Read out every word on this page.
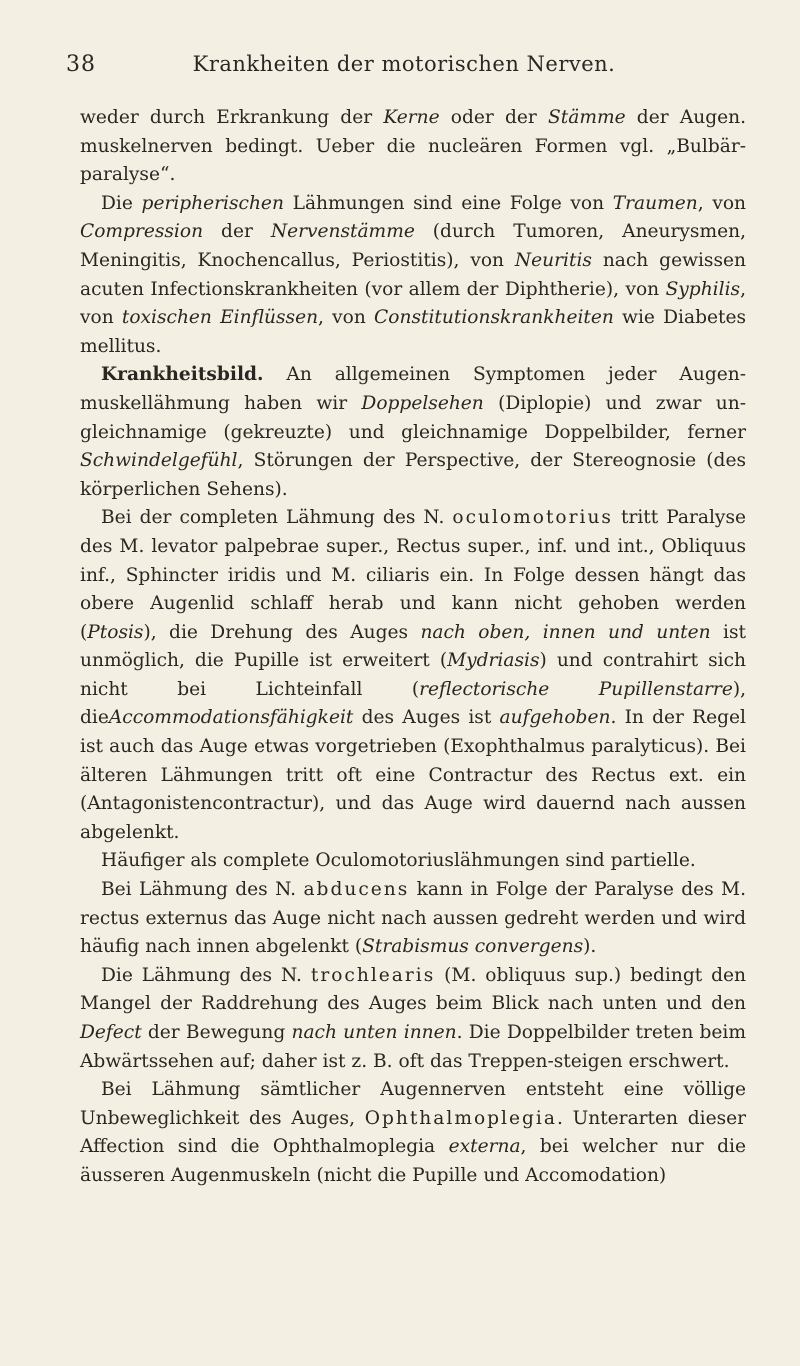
38	Krankheiten der motorischen Nerven.

weder durch Erkrankung der Kerne oder der Stämme der Augen. muskelnerven bedingt. Ueber die nucleären Formen vgl. „Bulbär-paralyse“.

Die peripherischen Lähmungen sind eine Folge von Traumen, von Compression der Nervenstämme (durch Tumoren, Aneurysmen, Meningitis, Knochencallus, Periostitis), von Neuritis nach gewissen acuten Infectionskrankheiten (vor allem der Diphtherie), von Syphilis, von toxischen Einflüssen, von Constitutionskrankheiten wie Diabetes mellitus.

Krankheitsbild. An allgemeinen Symptomen jeder Augen-muskellähmung haben wir Doppelsehen (Diplopie) und zwar un-gleichnamige (gekreuzte) und gleichnamige Doppelbilder, ferner Schwindelgefühl, Störungen der Perspective, der Stereognosie (des körperlichen Sehens).

Bei der completen Lähmung des N. oculomotorius tritt Paralyse des M. levator palpebrae super., Rectus super., inf. und int., Obliquus inf., Sphincter iridis und M. ciliaris ein. In Folge dessen hängt das obere Augenlid schlaff herab und kann nicht gehoben werden (Ptosis), die Drehung des Auges nach oben, innen und unten ist unmöglich, die Pupille ist erweitert (Mydriasis) und contrahirt sich nicht bei Lichteinfall (reflectorische Pupillenstarre), dieAccommodationsfähigkeit des Auges ist aufgehoben. In der Regel ist auch das Auge etwas vorgetrieben (Exophthalmus paralyticus). Bei älteren Lähmungen tritt oft eine Contractur des Rectus ext. ein (Antagonistencontractur), und das Auge wird dauernd nach aussen abgelenkt.

Häufiger als complete Oculomotoriuslähmungen sind partielle.

Bei Lähmung des N. abducens kann in Folge der Paralyse des M. rectus externus das Auge nicht nach aussen gedreht werden und wird häufig nach innen abgelenkt (Strabismus convergens).

Die Lähmung des N. trochlearis (M. obliquus sup.) bedingt den Mangel der Raddrehung des Auges beim Blick nach unten und den Defect der Bewegung nach unten innen. Die Doppelbilder treten beim Abwärtssehen auf; daher ist z. B. oft das Treppen-steigen erschwert.

Bei Lähmung sämtlicher Augennerven entsteht eine völlige Unbeweglichkeit des Auges, Ophthalmoplegia. Unterarten dieser Affection sind die Ophthalmoplegia externa, bei welcher nur die äusseren Augenmuskeln (nicht die Pupille und Accomodation)
